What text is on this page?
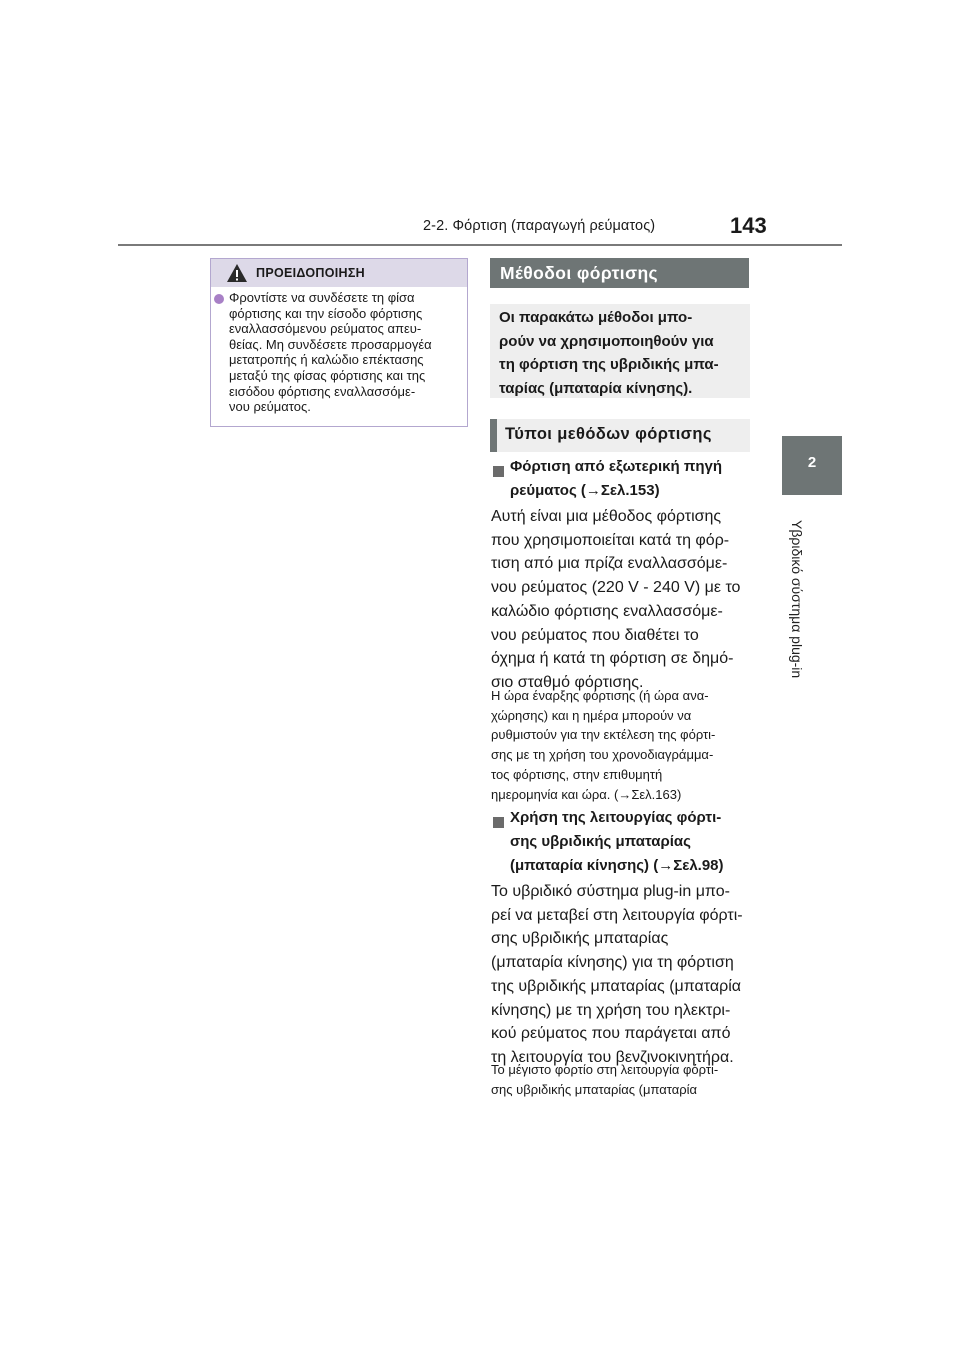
2-2. Φόρτιση (παραγωγή ρεύματος)	143
2
Υβριδικό σύστημα plug-in
ΠΡΟΕΙΔΟΠΟΙΗΣΗ
Φροντίστε να συνδέσετε τη φίσα
φόρτισης και την είσοδο φόρτισης
εναλλασσόμενου ρεύματος απευ-
θείας. Μη συνδέσετε προσαρμογέα
μετατροπής ή καλώδιο επέκτασης
μεταξύ της φίσας φόρτισης και της
εισόδου φόρτισης εναλλασσόμε-
νου ρεύματος.
Μέθοδοι φόρτισης
Οι παρακάτω μέθοδοι μπο-
ρούν να χρησιμοποιηθούν για
τη φόρτιση της υβριδικής μπα-
ταρίας (μπαταρία κίνησης).
Τύποι μεθόδων φόρτισης
Φόρτιση από εξωτερική πηγή
ρεύματος (→Σελ.153)
Αυτή είναι μια μέθοδος φόρτισης
που χρησιμοποιείται κατά τη φόρ-
τιση από μια πρίζα εναλλασσόμε-
νου ρεύματος (220 V - 240 V) με το
καλώδιο φόρτισης εναλλασσόμε-
νου ρεύματος που διαθέτει το
όχημα ή κατά τη φόρτιση σε δημό-
σιο σταθμό φόρτισης.
Η ώρα έναρξης φόρτισης (ή ώρα ανα-
χώρησης) και η ημέρα μπορούν να
ρυθμιστούν για την εκτέλεση της φόρτι-
σης με τη χρήση του χρονοδιαγράμμα-
τος φόρτισης, στην επιθυμητή
ημερομηνία και ώρα. (→Σελ.163)
Χρήση της λειτουργίας φόρτι-
σης υβριδικής μπαταρίας
(μπαταρία κίνησης) (→Σελ.98)
Το υβριδικό σύστημα plug-in μπο-
ρεί να μεταβεί στη λειτουργία φόρτι-
σης υβριδικής μπαταρίας
(μπαταρία κίνησης) για τη φόρτιση
της υβριδικής μπαταρίας (μπαταρία
κίνησης) με τη χρήση του ηλεκτρι-
κού ρεύματος που παράγεται από
τη λειτουργία του βενζινοκινητήρα.
Το μέγιστο φορτίο στη λειτουργία φόρτι-
σης υβριδικής μπαταρίας (μπαταρία
